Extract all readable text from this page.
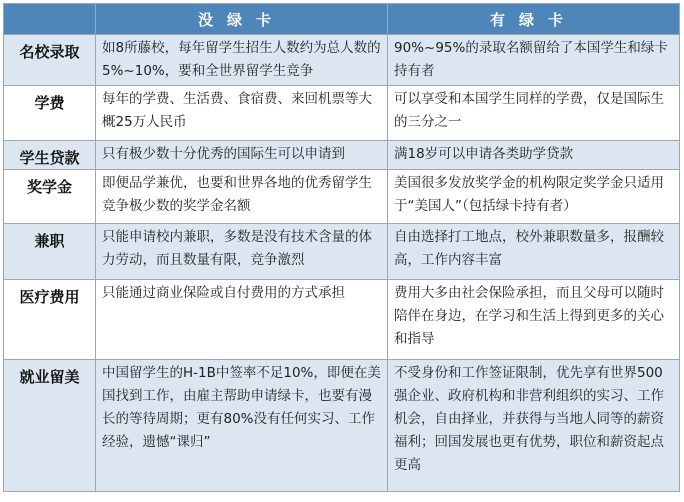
	没绿卡	有绿卡
名校录取	如8所藤校，每年留学生招生人数约为总人数的5%~10%，要和全世界留学生竞争	90%~95%的录取名额留给了本国学生和绿卡持有者
学费	每年的学费、生活费、食宿费、来回机票等大概25万人民币	可以享受和本国学生同样的学费，仅是国际生的三分之一
学生贷款	只有极少数十分优秀的国际生可以申请到	满18岁可以申请各类助学贷款
奖学金	即便品学兼优，也要和世界各地的优秀留学生竞争极少数的奖学金名额	美国很多发放奖学金的机构限定奖学金只适用于“美国人”（包括绿卡持有者）
兼职	只能申请校内兼职，多数是没有技术含量的体力劳动，而且数量有限，竞争激烈	自由选择打工地点，校外兼职数量多，报酬较高，工作内容丰富
医疗费用	只能通过商业保险或自付费用的方式承担	费用大多由社会保险承担，而且父母可以随时陪伴在身边，在学习和生活上得到更多的关心和指导
就业留美	中国留学生的H-1B中签率不足10%，即便在美国找到工作，由雇主帮助申请绿卡，也要有漫长的等待周期；更有80%没有任何实习、工作经验，遗憾“课归”	不受身份和工作签证限制，优先享有世界500强企业、政府机构和非营利组织的实习、工作机会，自由择业，并获得与当地人同等的薪资福利；回国发展也更有优势，职位和薪资起点更高
